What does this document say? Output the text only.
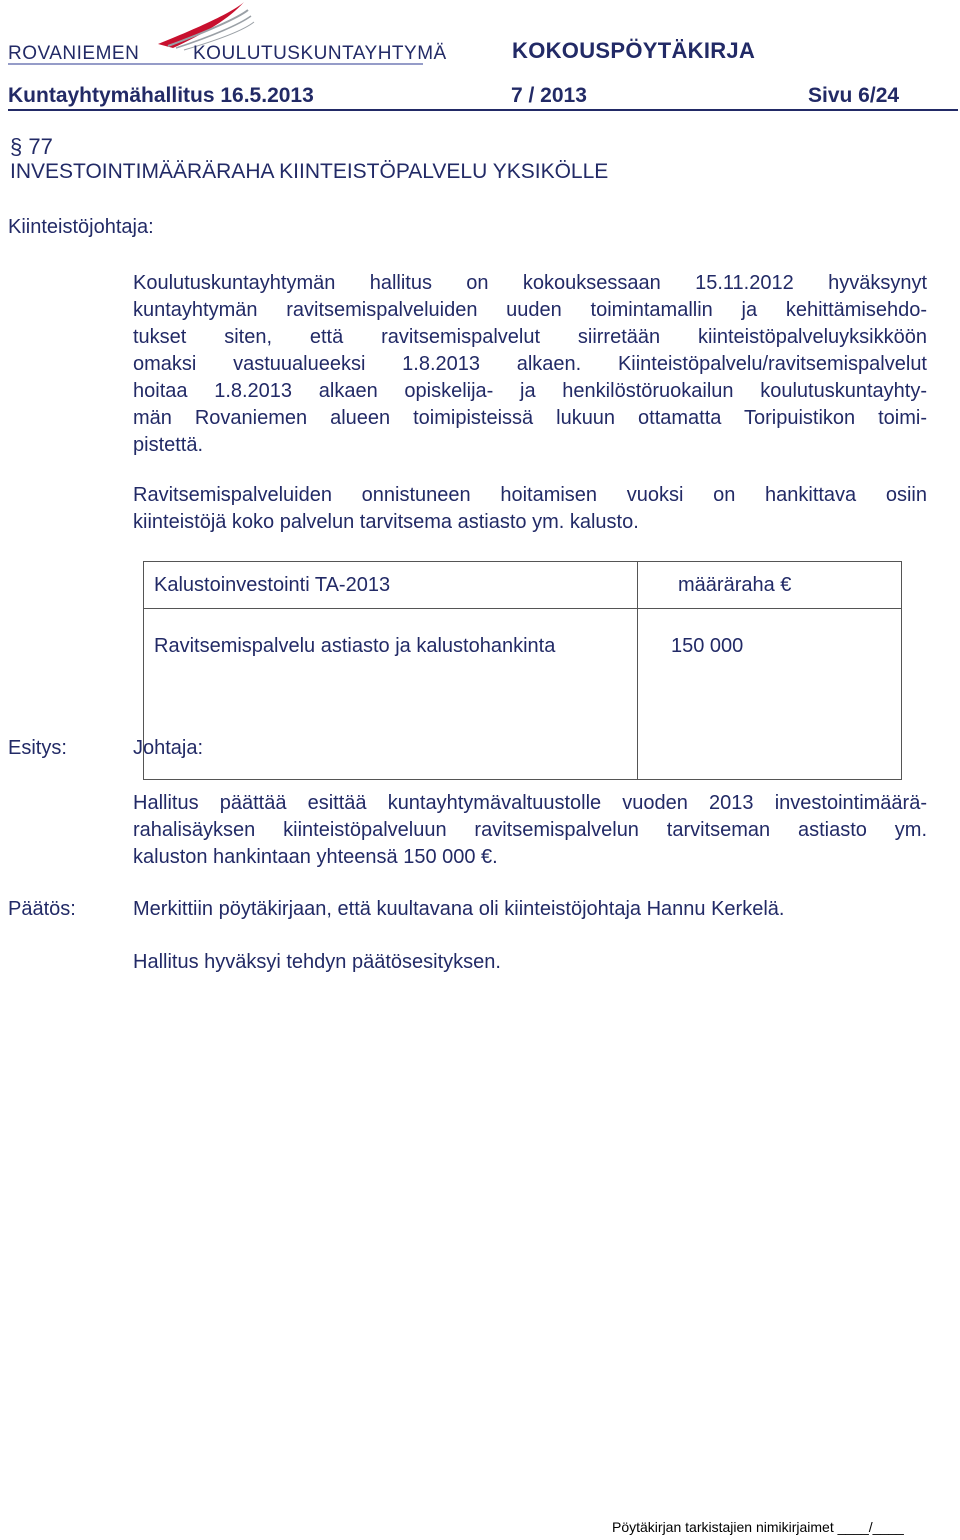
ROVANIEMEN	KOULUTUSKUNTAYHTYMÄ	KOKOUSPÖYTÄKIRJA
Kuntayhtymähallitus 16.5.2013	7 / 2013	Sivu 6/24
§ 77
INVESTOINTIMÄÄRÄRAHA KIINTEISTÖPALVELU YKSIKÖLLE
Kiinteistöjohtaja:
Koulutuskuntayhtymän hallitus on kokouksessaan 15.11.2012 hyväksynyt
kuntayhtymän ravitsemispalveluiden uuden toimintamallin ja kehittämisehdo-
tukset siten, että ravitsemispalvelut siirretään kiinteistöpalveluyksikköön
omaksi vastuualueeksi 1.8.2013 alkaen. Kiinteistöpalvelu/ravitsemispalvelut
hoitaa 1.8.2013 alkaen opiskelija- ja henkilöstöruokailun koulutuskuntayhty-
män Rovaniemen alueen toimipisteissä lukuun ottamatta Toripuistikon toimi-
pistettä.
Ravitsemispalveluiden onnistuneen hoitamisen vuoksi on hankittava osiin
kiinteistöjä koko palvelun tarvitsema astiasto ym. kalusto.
Kalustoinvestointi TA-2013	määräraha €
Ravitsemispalvelu astiasto ja kalustohankinta	150 000
Esitys:	Johtaja:
Hallitus päättää esittää kuntayhtymävaltuustolle vuoden 2013 investointimäärä-
rahalisäyksen kiinteistöpalveluun ravitsemispalvelun tarvitseman astiasto ym.
kaluston hankintaan yhteensä 150 000 €.
Päätös:	Merkittiin pöytäkirjaan, että kuultavana oli kiinteistöjohtaja Hannu Kerkelä.
Hallitus hyväksyi tehdyn päätösesityksen.
Pöytäkirjan tarkistajien nimikirjaimet ____/____
